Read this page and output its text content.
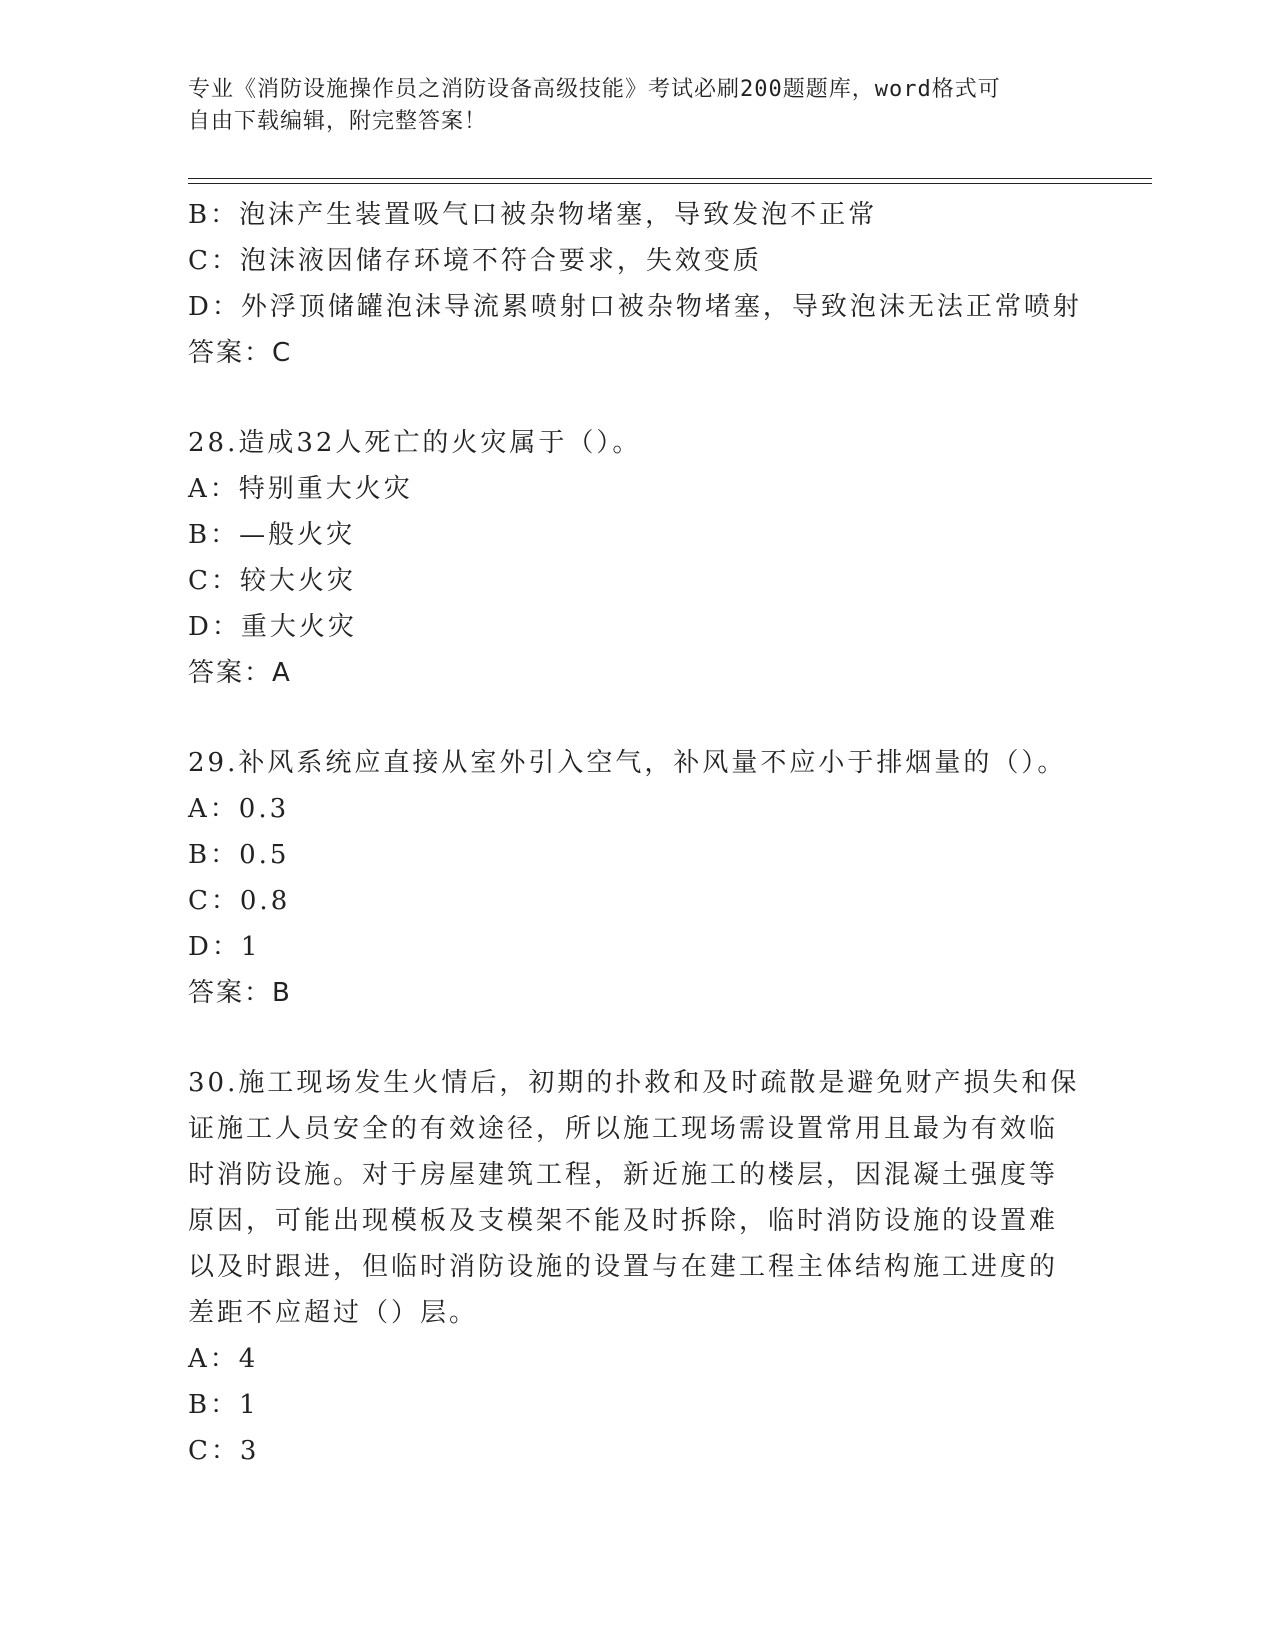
专业《消防设施操作员之消防设备高级技能》考试必刷200题题库，word格式可
自由下载编辑，附完整答案！
B：泡沫产生装置吸气口被杂物堵塞，导致发泡不正常
C：泡沫液因储存环境不符合要求，失效变质
D：外浮顶储罐泡沫导流累喷射口被杂物堵塞，导致泡沫无法正常喷射
答案：C
28.造成32人死亡的火灾属于（）。
A：特别重大火灾
B：—般火灾
C：较大火灾
D：重大火灾
答案：A
29.补风系统应直接从室外引入空气，补风量不应小于排烟量的（）。
A：0.3
B：0.5
C：0.8
D：1
答案：B
30.施工现场发生火情后，初期的扑救和及时疏散是避免财产损失和保
证施工人员安全的有效途径，所以施工现场需设置常用且最为有效临
时消防设施。对于房屋建筑工程，新近施工的楼层，因混凝土强度等
原因，可能出现模板及支模架不能及时拆除，临时消防设施的设置难
以及时跟进，但临时消防设施的设置与在建工程主体结构施工进度的
差距不应超过（）层。
A：4
B：1
C：3
